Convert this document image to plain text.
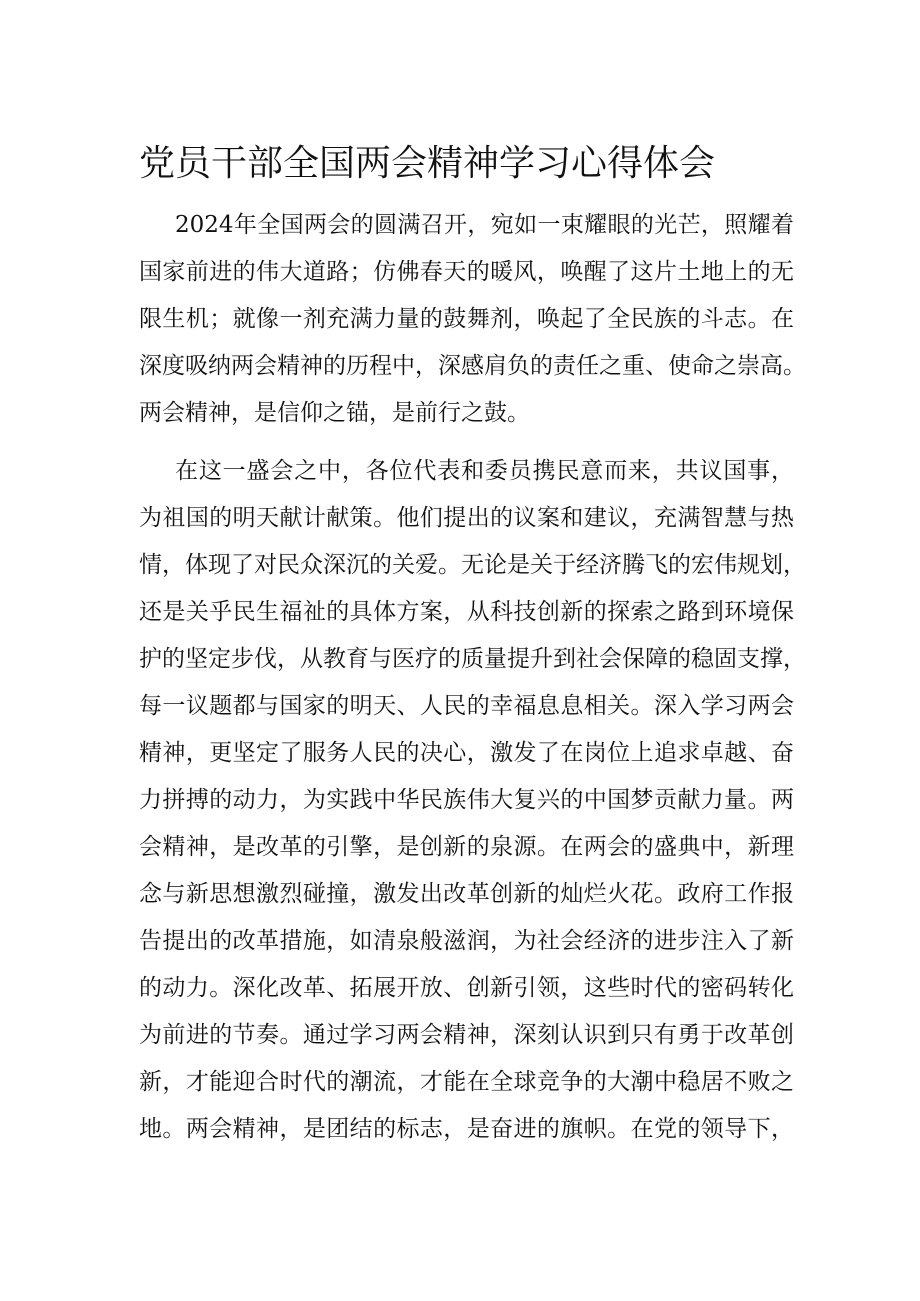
党员干部全国两会精神学习心得体会
2024年全国两会的圆满召开，宛如一束耀眼的光芒，照耀着
国家前进的伟大道路；仿佛春天的暖风，唤醒了这片土地上的无
限生机；就像一剂充满力量的鼓舞剂，唤起了全民族的斗志。在
深度吸纳两会精神的历程中，深感肩负的责任之重、使命之崇高。
两会精神，是信仰之锚，是前行之鼓。
在这一盛会之中，各位代表和委员携民意而来，共议国事，
为祖国的明天献计献策。他们提出的议案和建议，充满智慧与热
情，体现了对民众深沉的关爱。无论是关于经济腾飞的宏伟规划，
还是关乎民生福祉的具体方案，从科技创新的探索之路到环境保
护的坚定步伐，从教育与医疗的质量提升到社会保障的稳固支撑，
每一议题都与国家的明天、人民的幸福息息相关。深入学习两会
精神，更坚定了服务人民的决心，激发了在岗位上追求卓越、奋
力拼搏的动力，为实践中华民族伟大复兴的中国梦贡献力量。两
会精神，是改革的引擎，是创新的泉源。在两会的盛典中，新理
念与新思想激烈碰撞，激发出改革创新的灿烂火花。政府工作报
告提出的改革措施，如清泉般滋润，为社会经济的进步注入了新
的动力。深化改革、拓展开放、创新引领，这些时代的密码转化
为前进的节奏。通过学习两会精神，深刻认识到只有勇于改革创
新，才能迎合时代的潮流，才能在全球竞争的大潮中稳居不败之
地。两会精神，是团结的标志，是奋进的旗帜。在党的领导下，
